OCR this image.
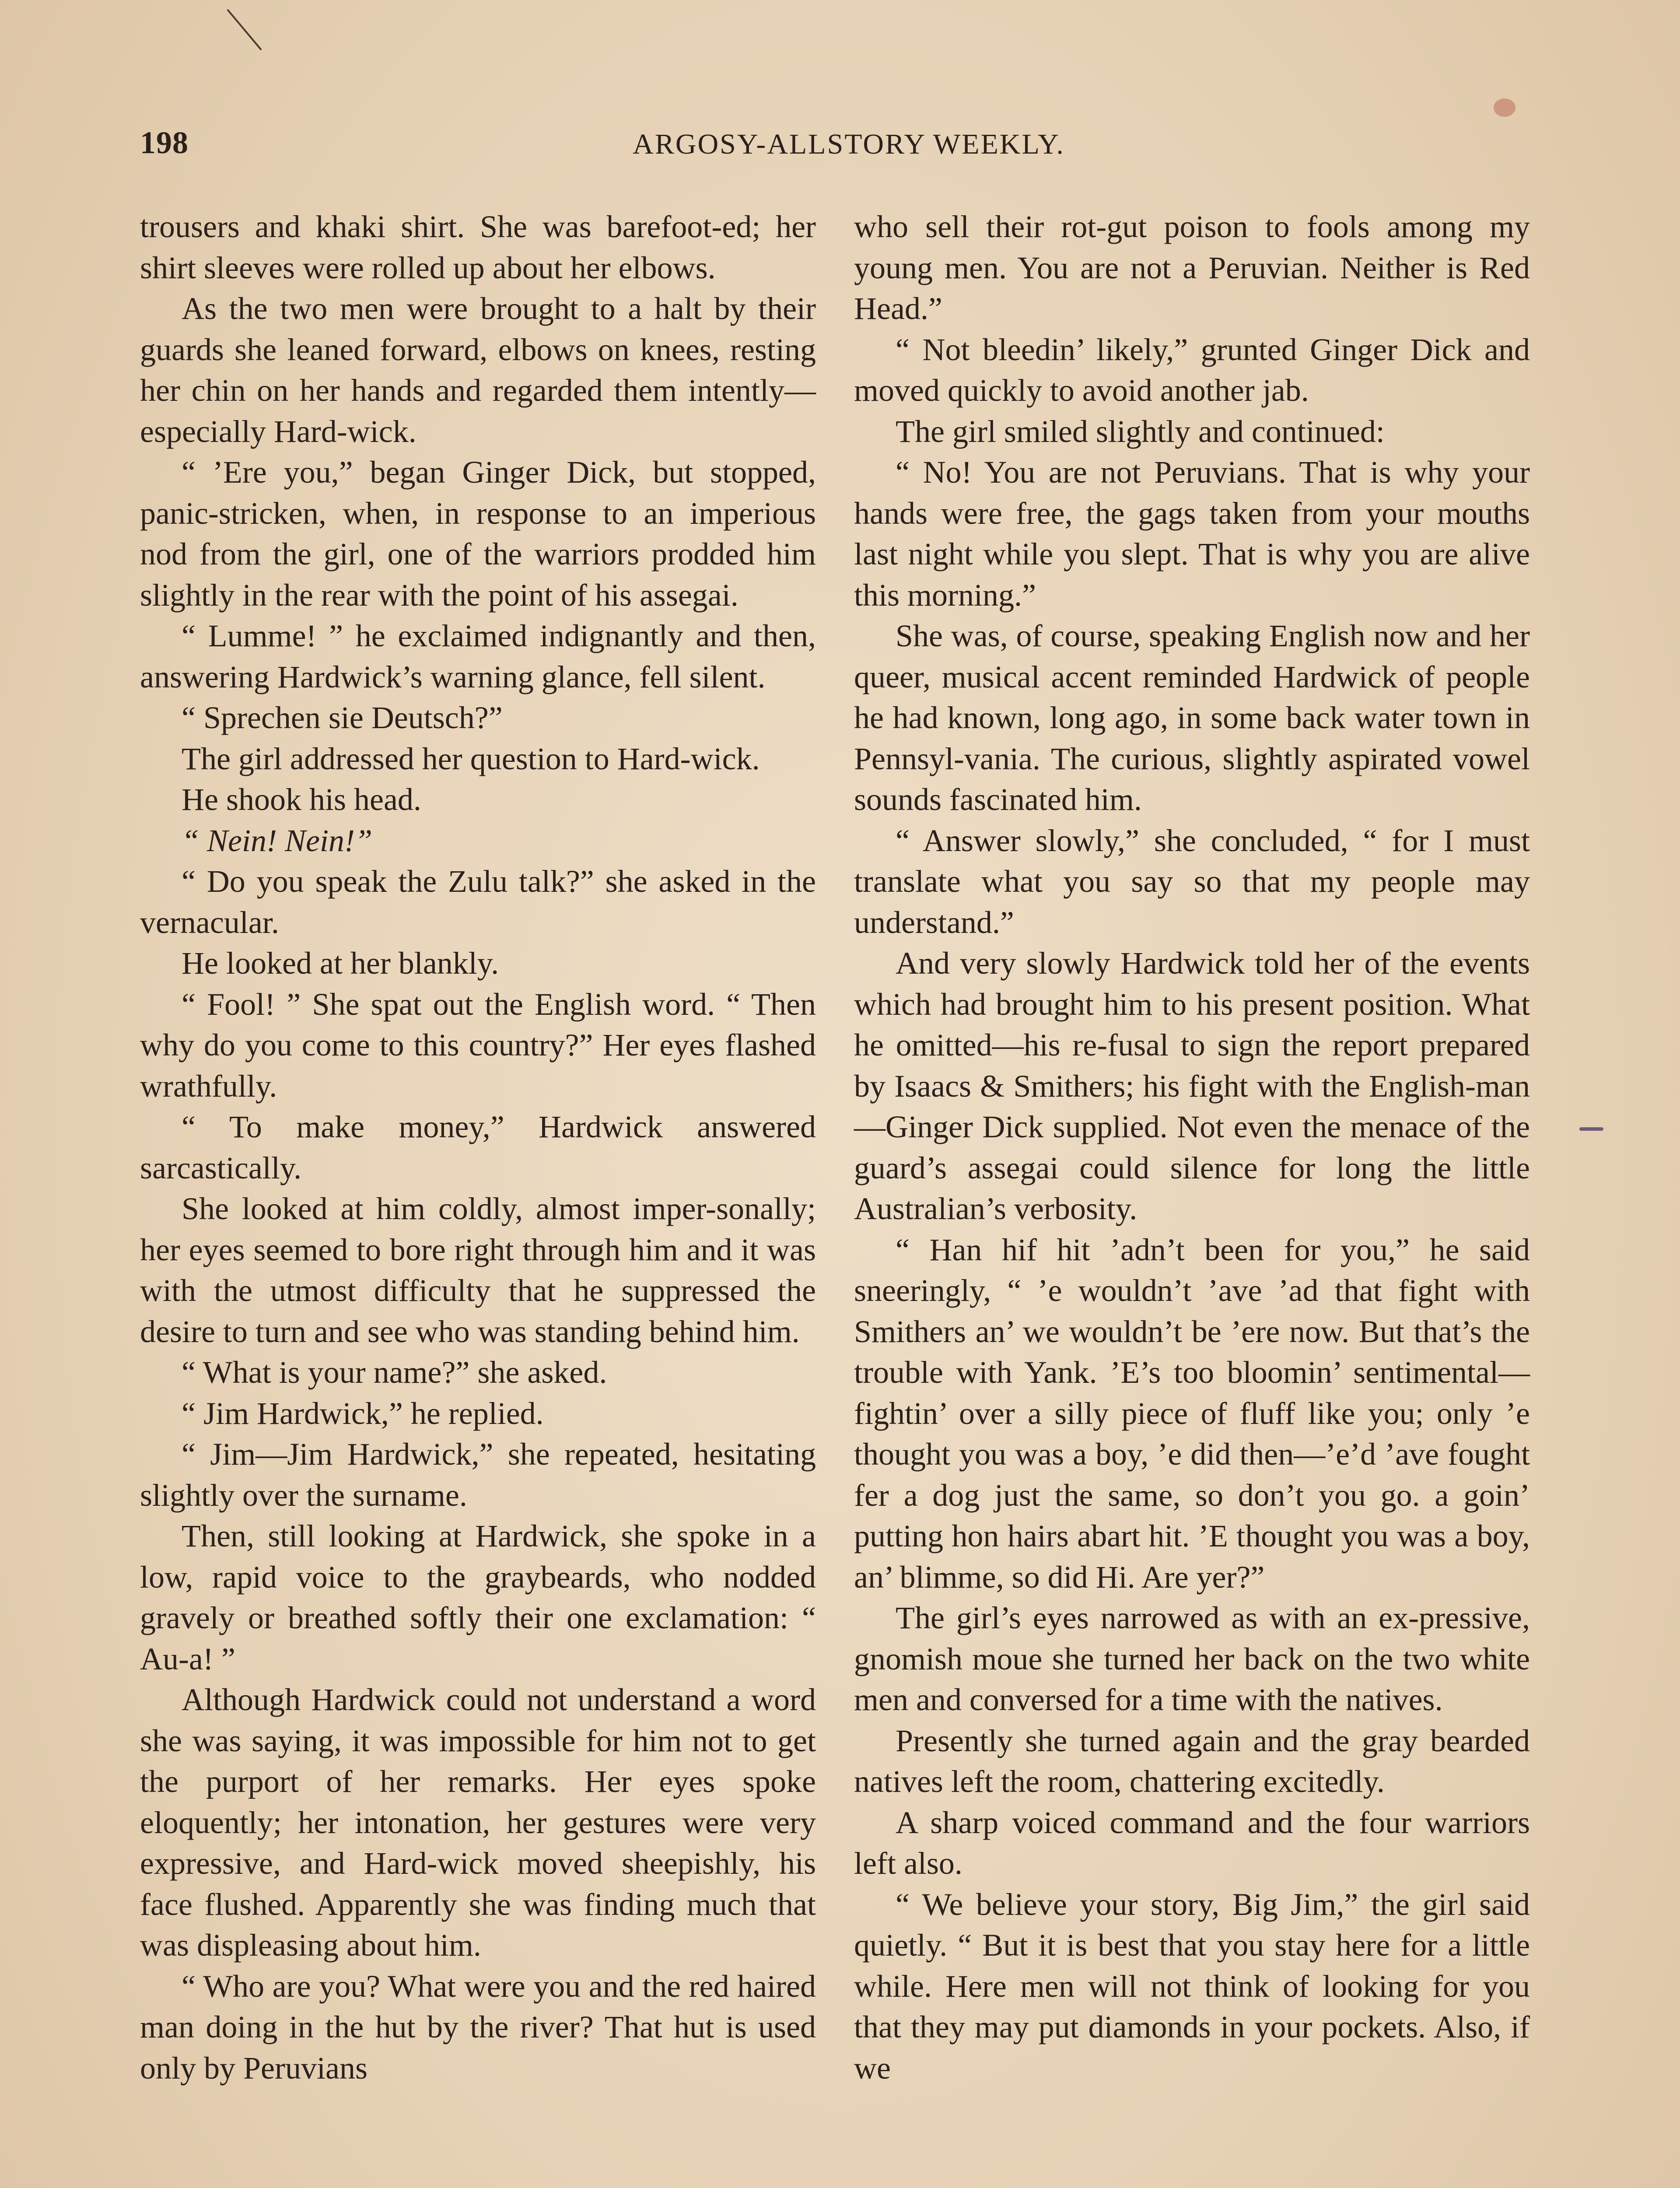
198	ARGOSY-ALLSTORY WEEKLY.

trousers and khaki shirt. She was barefoot-ed; her shirt sleeves were rolled up about her elbows.

As the two men were brought to a halt by their guards she leaned forward, elbows on knees, resting her chin on her hands and regarded them intently—especially Hard-wick.

“ ’Ere you,” began Ginger Dick, but stopped, panic-stricken, when, in response to an imperious nod from the girl, one of the warriors prodded him slightly in the rear with the point of his assegai.

“ Lumme! ” he exclaimed indignantly and then, answering Hardwick’s warning glance, fell silent.

“ Sprechen sie Deutsch?”

The girl addressed her question to Hard-wick.

He shook his head.

“ Nein! Nein!”

“ Do you speak the Zulu talk?” she asked in the vernacular.

He looked at her blankly.

“ Fool! ” She spat out the English word. “ Then why do you come to this country?” Her eyes flashed wrathfully.

“ To make money,” Hardwick answered sarcastically.

She looked at him coldly, almost imper-sonally; her eyes seemed to bore right through him and it was with the utmost difficulty that he suppressed the desire to turn and see who was standing behind him.

“ What is your name?” she asked.

“ Jim Hardwick,” he replied.

“ Jim—Jim Hardwick,” she repeated, hesitating slightly over the surname.

Then, still looking at Hardwick, she spoke in a low, rapid voice to the graybeards, who nodded gravely or breathed softly their one exclamation: “ Au-a! ”

Although Hardwick could not understand a word she was saying, it was impossible for him not to get the purport of her remarks. Her eyes spoke eloquently; her intonation, her gestures were very expressive, and Hard-wick moved sheepishly, his face flushed. Apparently she was finding much that was displeasing about him.

“ Who are you? What were you and the red haired man doing in the hut by the river? That hut is used only by Peruvians

who sell their rot-gut poison to fools among my young men. You are not a Peruvian. Neither is Red Head.”

“ Not bleedin’ likely,” grunted Ginger Dick and moved quickly to avoid another jab.

The girl smiled slightly and continued:

“ No! You are not Peruvians. That is why your hands were free, the gags taken from your mouths last night while you slept. That is why you are alive this morning.”

She was, of course, speaking English now and her queer, musical accent reminded Hardwick of people he had known, long ago, in some back water town in Pennsyl-vania. The curious, slightly aspirated vowel sounds fascinated him.

“ Answer slowly,” she concluded, “ for I must translate what you say so that my people may understand.”

And very slowly Hardwick told her of the events which had brought him to his present position. What he omitted—his re-fusal to sign the report prepared by Isaacs & Smithers; his fight with the English-man—Ginger Dick supplied. Not even the menace of the guard’s assegai could silence for long the little Australian’s verbosity.

“ Han hif hit ’adn’t been for you,” he said sneeringly, “ ’e wouldn’t ’ave ’ad that fight with Smithers an’ we wouldn’t be ’ere now. But that’s the trouble with Yank. ’E’s too bloomin’ sentimental—fightin’ over a silly piece of fluff like you; only ’e thought you was a boy, ’e did then—’e’d ’ave fought fer a dog just the same, so don’t you go. a goin’ putting hon hairs abart hit. ’E thought you was a boy, an’ blimme, so did Hi. Are yer?”

The girl’s eyes narrowed as with an ex-pressive, gnomish moue she turned her back on the two white men and conversed for a time with the natives.

Presently she turned again and the gray bearded natives left the room, chattering excitedly.

A sharp voiced command and the four warriors left also.

“ We believe your story, Big Jim,” the girl said quietly. “ But it is best that you stay here for a little while. Here men will not think of looking for you that they may put diamonds in your pockets. Also, if we
